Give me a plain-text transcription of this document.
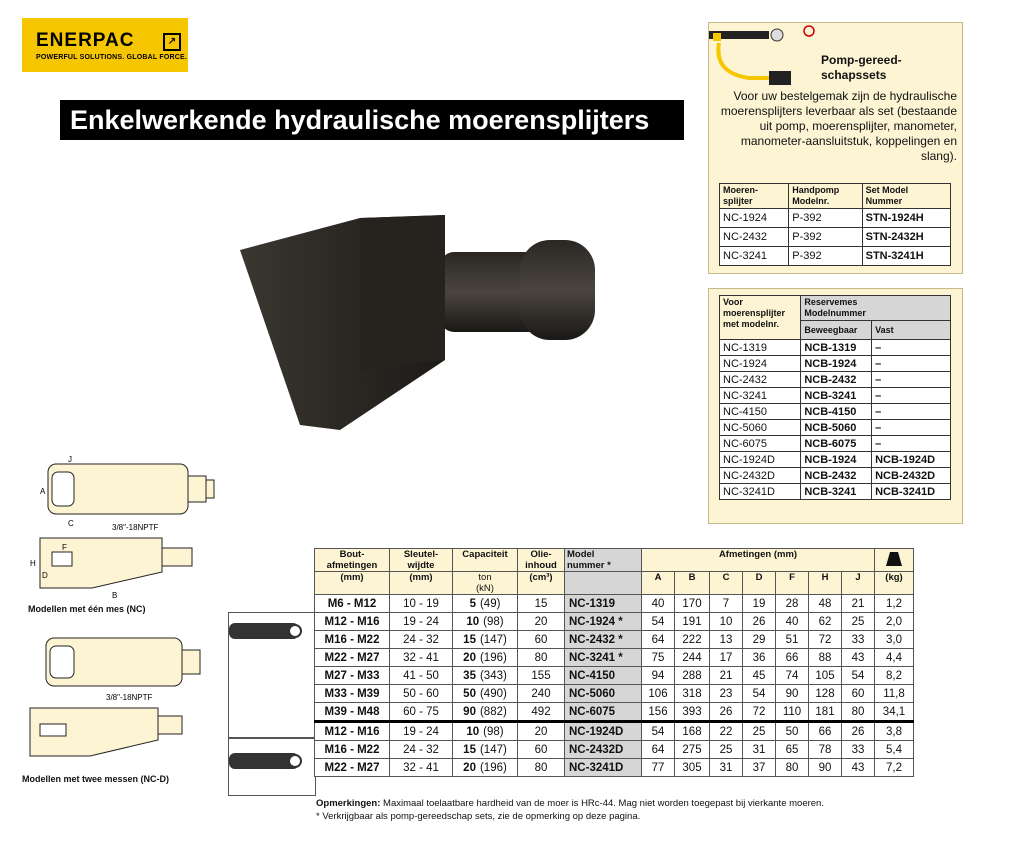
ENERPAC	↗
POWERFUL SOLUTIONS. GLOBAL FORCE.
Enkelwerkende hydraulische moerensplijters
Pomp-gereed-
schapssets
Voor uw bestelgemak zijn de hydraulische moerensplijters leverbaar als set (bestaande uit pomp, moerensplijter, manometer, manometer-aansluitstuk, koppelingen en slang).
Moeren-
splijter	Handpomp
Modelnr.	Set Model
Nummer
NC-1924	P-392	STN-1924H
NC-2432	P-392	STN-2432H
NC-3241	P-392	STN-3241H
Voor
moerensplijter
met modelnr.	Reservemes
Modelnummer	
	Beweegbaar	Vast
NC-1319	NCB-1319	–
NC-1924	NCB-1924	–
NC-2432	NCB-2432	–
NC-3241	NCB-3241	–
NC-4150	NCB-4150	–
NC-5060	NCB-5060	–
NC-6075	NCB-6075	–
NC-1924D	NCB-1924	NCB-1924D
NC-2432D	NCB-2432	NCB-2432D
NC-3241D	NCB-3241	NCB-3241D
J
A
C	3/8"-18NPTF
H
F
D
B
Modellen met één mes (NC)
3/8"-18NPTF
Modellen met twee messen (NC-D)
Bout-
afmetingen	Sleutel-
wijdte	Capaciteit	Olie-
inhoud	Model
nummer *	Afmetingen (mm)	
(mm)	(mm)	ton
(kN)	(cm³)		A	B	C	D	F	H	J	(kg)
M6 - M12	10 - 19	5 (49)	15	NC-1319	40	170	7	19	28	48	21	1,2
M12 - M16	19 - 24	10 (98)	20	NC-1924 *	54	191	10	26	40	62	25	2,0
M16 - M22	24 - 32	15 (147)	60	NC-2432 *	64	222	13	29	51	72	33	3,0
M22 - M27	32 - 41	20 (196)	80	NC-3241 *	75	244	17	36	66	88	43	4,4
M27 - M33	41 - 50	35 (343)	155	NC-4150	94	288	21	45	74	105	54	8,2
M33 - M39	50 - 60	50 (490)	240	NC-5060	106	318	23	54	90	128	60	11,8
M39 - M48	60 - 75	90 (882)	492	NC-6075	156	393	26	72	110	181	80	34,1
M12 - M16	19 - 24	10 (98)	20	NC-1924D	54	168	22	25	50	66	26	3,8
M16 - M22	24 - 32	15 (147)	60	NC-2432D	64	275	25	31	65	78	33	5,4
M22 - M27	32 - 41	20 (196)	80	NC-3241D	77	305	31	37	80	90	43	7,2
Opmerkingen: Maximaal toelaatbare hardheid van de moer is HRc-44. Mag niet worden toegepast bij vierkante moeren.
* Verkrijgbaar als pomp-gereedschap sets, zie de opmerking op deze pagina.
